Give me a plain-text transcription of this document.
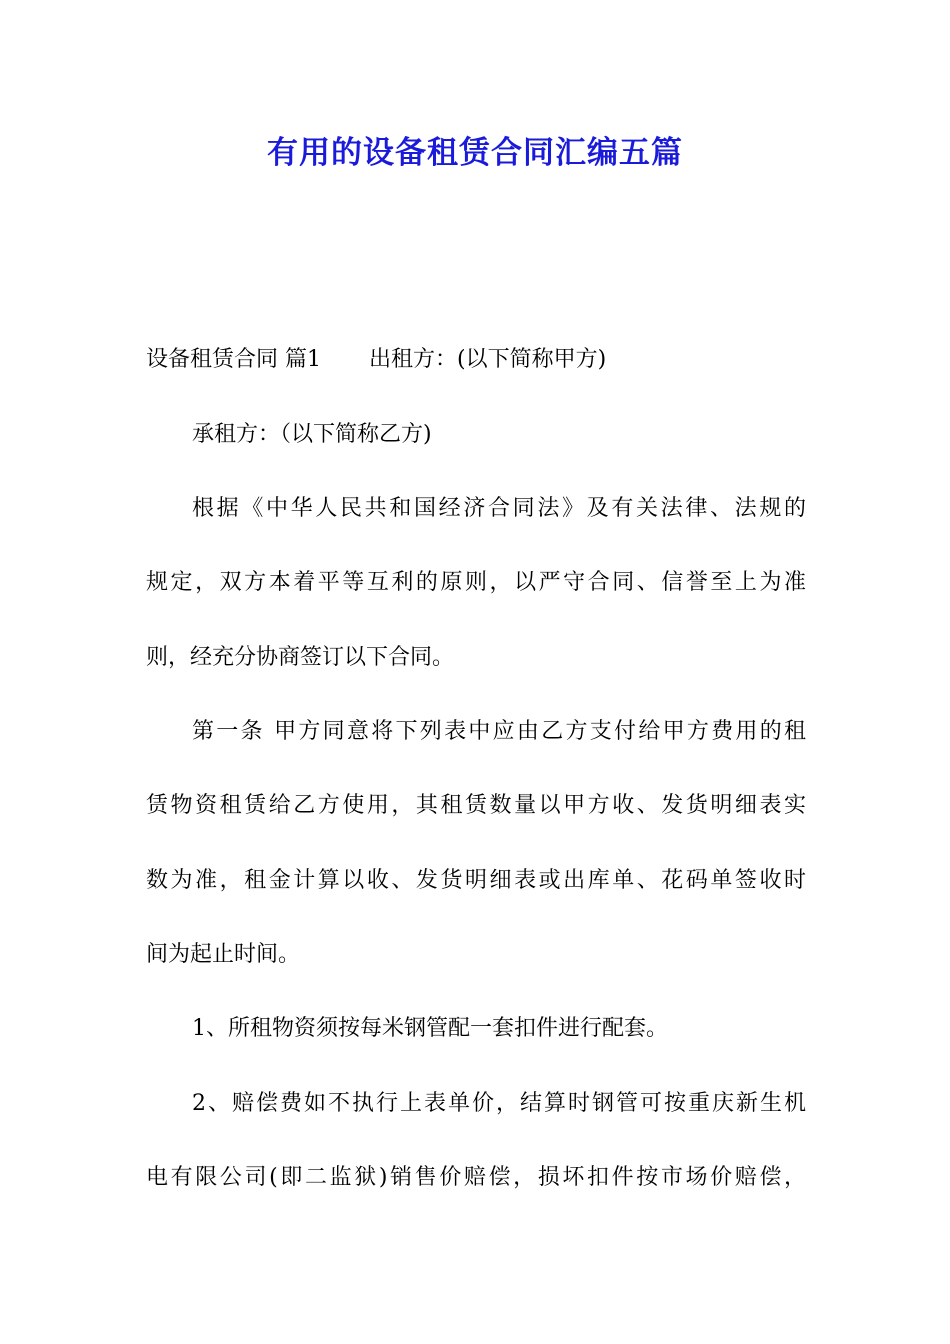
有用的设备租赁合同汇编五篇
设备租赁合同 篇1 出租方：(以下简称甲方)
承租方：（以下简称乙方)
根据《中华人民共和国经济合同法》及有关法律、法规的
规定，双方本着平等互利的原则，以严守合同、信誉至上为准
则，经充分协商签订以下合同。
第一条 甲方同意将下列表中应由乙方支付给甲方费用的租
赁物资租赁给乙方使用，其租赁数量以甲方收、发货明细表实
数为准，租金计算以收、发货明细表或出库单、花码单签收时
间为起止时间。
1、所租物资须按每米钢管配一套扣件进行配套。
2、赔偿费如不执行上表单价，结算时钢管可按重庆新生机
电有限公司(即二监狱)销售价赔偿，损坏扣件按市场价赔偿，
